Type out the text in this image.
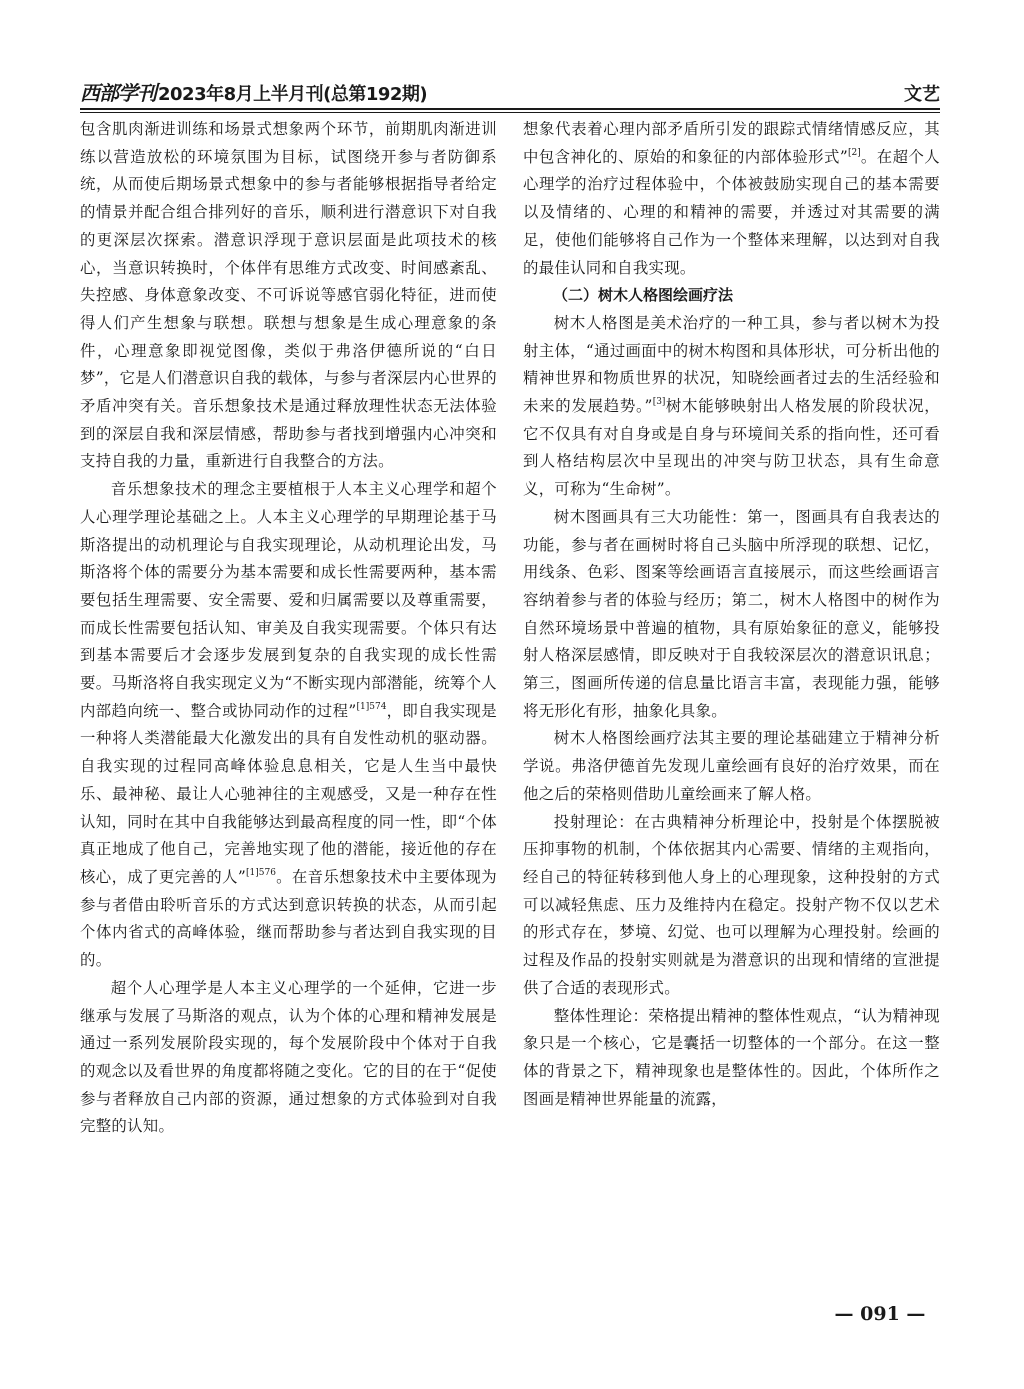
西部学刊 2023年8月上半月刊(总第192期)	文艺

包含肌肉渐进训练和场景式想象两个环节，前期肌肉渐进训练以营造放松的环境氛围为目标，试图绕开参与者防御系统，从而使后期场景式想象中的参与者能够根据指导者给定的情景并配合组合排列好的音乐，顺利进行潜意识下对自我的更深层次探索。潜意识浮现于意识层面是此项技术的核心，当意识转换时，个体伴有思维方式改变、时间感紊乱、失控感、身体意象改变、不可诉说等感官弱化特征，进而使得人们产生想象与联想。联想与想象是生成心理意象的条件，心理意象即视觉图像，类似于弗洛伊德所说的“白日梦”，它是人们潜意识自我的载体，与参与者深层内心世界的矛盾冲突有关。音乐想象技术是通过释放理性状态无法体验到的深层自我和深层情感，帮助参与者找到增强内心冲突和支持自我的力量，重新进行自我整合的方法。

音乐想象技术的理念主要植根于人本主义心理学和超个人心理学理论基础之上。人本主义心理学的早期理论基于马斯洛提出的动机理论与自我实现理论，从动机理论出发，马斯洛将个体的需要分为基本需要和成长性需要两种，基本需要包括生理需要、安全需要、爱和归属需要以及尊重需要，而成长性需要包括认知、审美及自我实现需要。个体只有达到基本需要后才会逐步发展到复杂的自我实现的成长性需要。马斯洛将自我实现定义为“不断实现内部潜能，统筹个人内部趋向统一、整合或协同动作的过程”$^{[1]574}$，即自我实现是一种将人类潜能最大化激发出的具有自发性动机的驱动器。自我实现的过程同高峰体验息息相关，它是人生当中最快乐、最神秘、最让人心驰神往的主观感受，又是一种存在性认知，同时在其中自我能够达到最高程度的同一性，即“个体真正地成了他自己，完善地实现了他的潜能，接近他的存在核心，成了更完善的人”$^{[1]576}$。在音乐想象技术中主要体现为参与者借由聆听音乐的方式达到意识转换的状态，从而引起个体内省式的高峰体验，继而帮助参与者达到自我实现的目的。

超个人心理学是人本主义心理学的一个延伸，它进一步继承与发展了马斯洛的观点，认为个体的心理和精神发展是通过一系列发展阶段实现的，每个发展阶段中个体对于自我的观念以及看世界的角度都将随之变化。它的目的在于“促使参与者释放自己内部的资源，通过想象的方式体验到对自我完整的认知。

想象代表着心理内部矛盾所引发的跟踪式情绪情感反应，其中包含神化的、原始的和象征的内部体验形式”[2]。在超个人心理学的治疗过程体验中，个体被鼓励实现自己的基本需要以及情绪的、心理的和精神的需要，并透过对其需要的满足，使他们能够将自己作为一个整体来理解，以达到对自我的最佳认同和自我实现。

（二）树木人格图绘画疗法

树木人格图是美术治疗的一种工具，参与者以树木为投射主体，“通过画面中的树木构图和具体形状，可分析出他的精神世界和物质世界的状况，知晓绘画者过去的生活经验和未来的发展趋势。”[3]树木能够映射出人格发展的阶段状况，它不仅具有对自身或是自身与环境间关系的指向性，还可看到人格结构层次中呈现出的冲突与防卫状态，具有生命意义，可称为“生命树”。

树木图画具有三大功能性：第一，图画具有自我表达的功能，参与者在画树时将自己头脑中所浮现的联想、记忆，用线条、色彩、图案等绘画语言直接展示，而这些绘画语言容纳着参与者的体验与经历；第二，树木人格图中的树作为自然环境场景中普遍的植物，具有原始象征的意义，能够投射人格深层感情，即反映对于自我较深层次的潜意识讯息；第三，图画所传递的信息量比语言丰富，表现能力强，能够将无形化有形，抽象化具象。

树木人格图绘画疗法其主要的理论基础建立于精神分析学说。弗洛伊德首先发现儿童绘画有良好的治疗效果，而在他之后的荣格则借助儿童绘画来了解人格。

投射理论：在古典精神分析理论中，投射是个体摆脱被压抑事物的机制，个体依据其内心需要、情绪的主观指向，经自己的特征转移到他人身上的心理现象，这种投射的方式可以减轻焦虑、压力及维持内在稳定。投射产物不仅以艺术的形式存在，梦境、幻觉、也可以理解为心理投射。绘画的过程及作品的投射实则就是为潜意识的出现和情绪的宣泄提供了合适的表现形式。

整体性理论：荣格提出精神的整体性观点，“认为精神现象只是一个核心，它是囊括一切整体的一个部分。在这一整体的背景之下，精神现象也是整体性的。因此，个体所作之图画是精神世界能量的流露，

— 091 —
